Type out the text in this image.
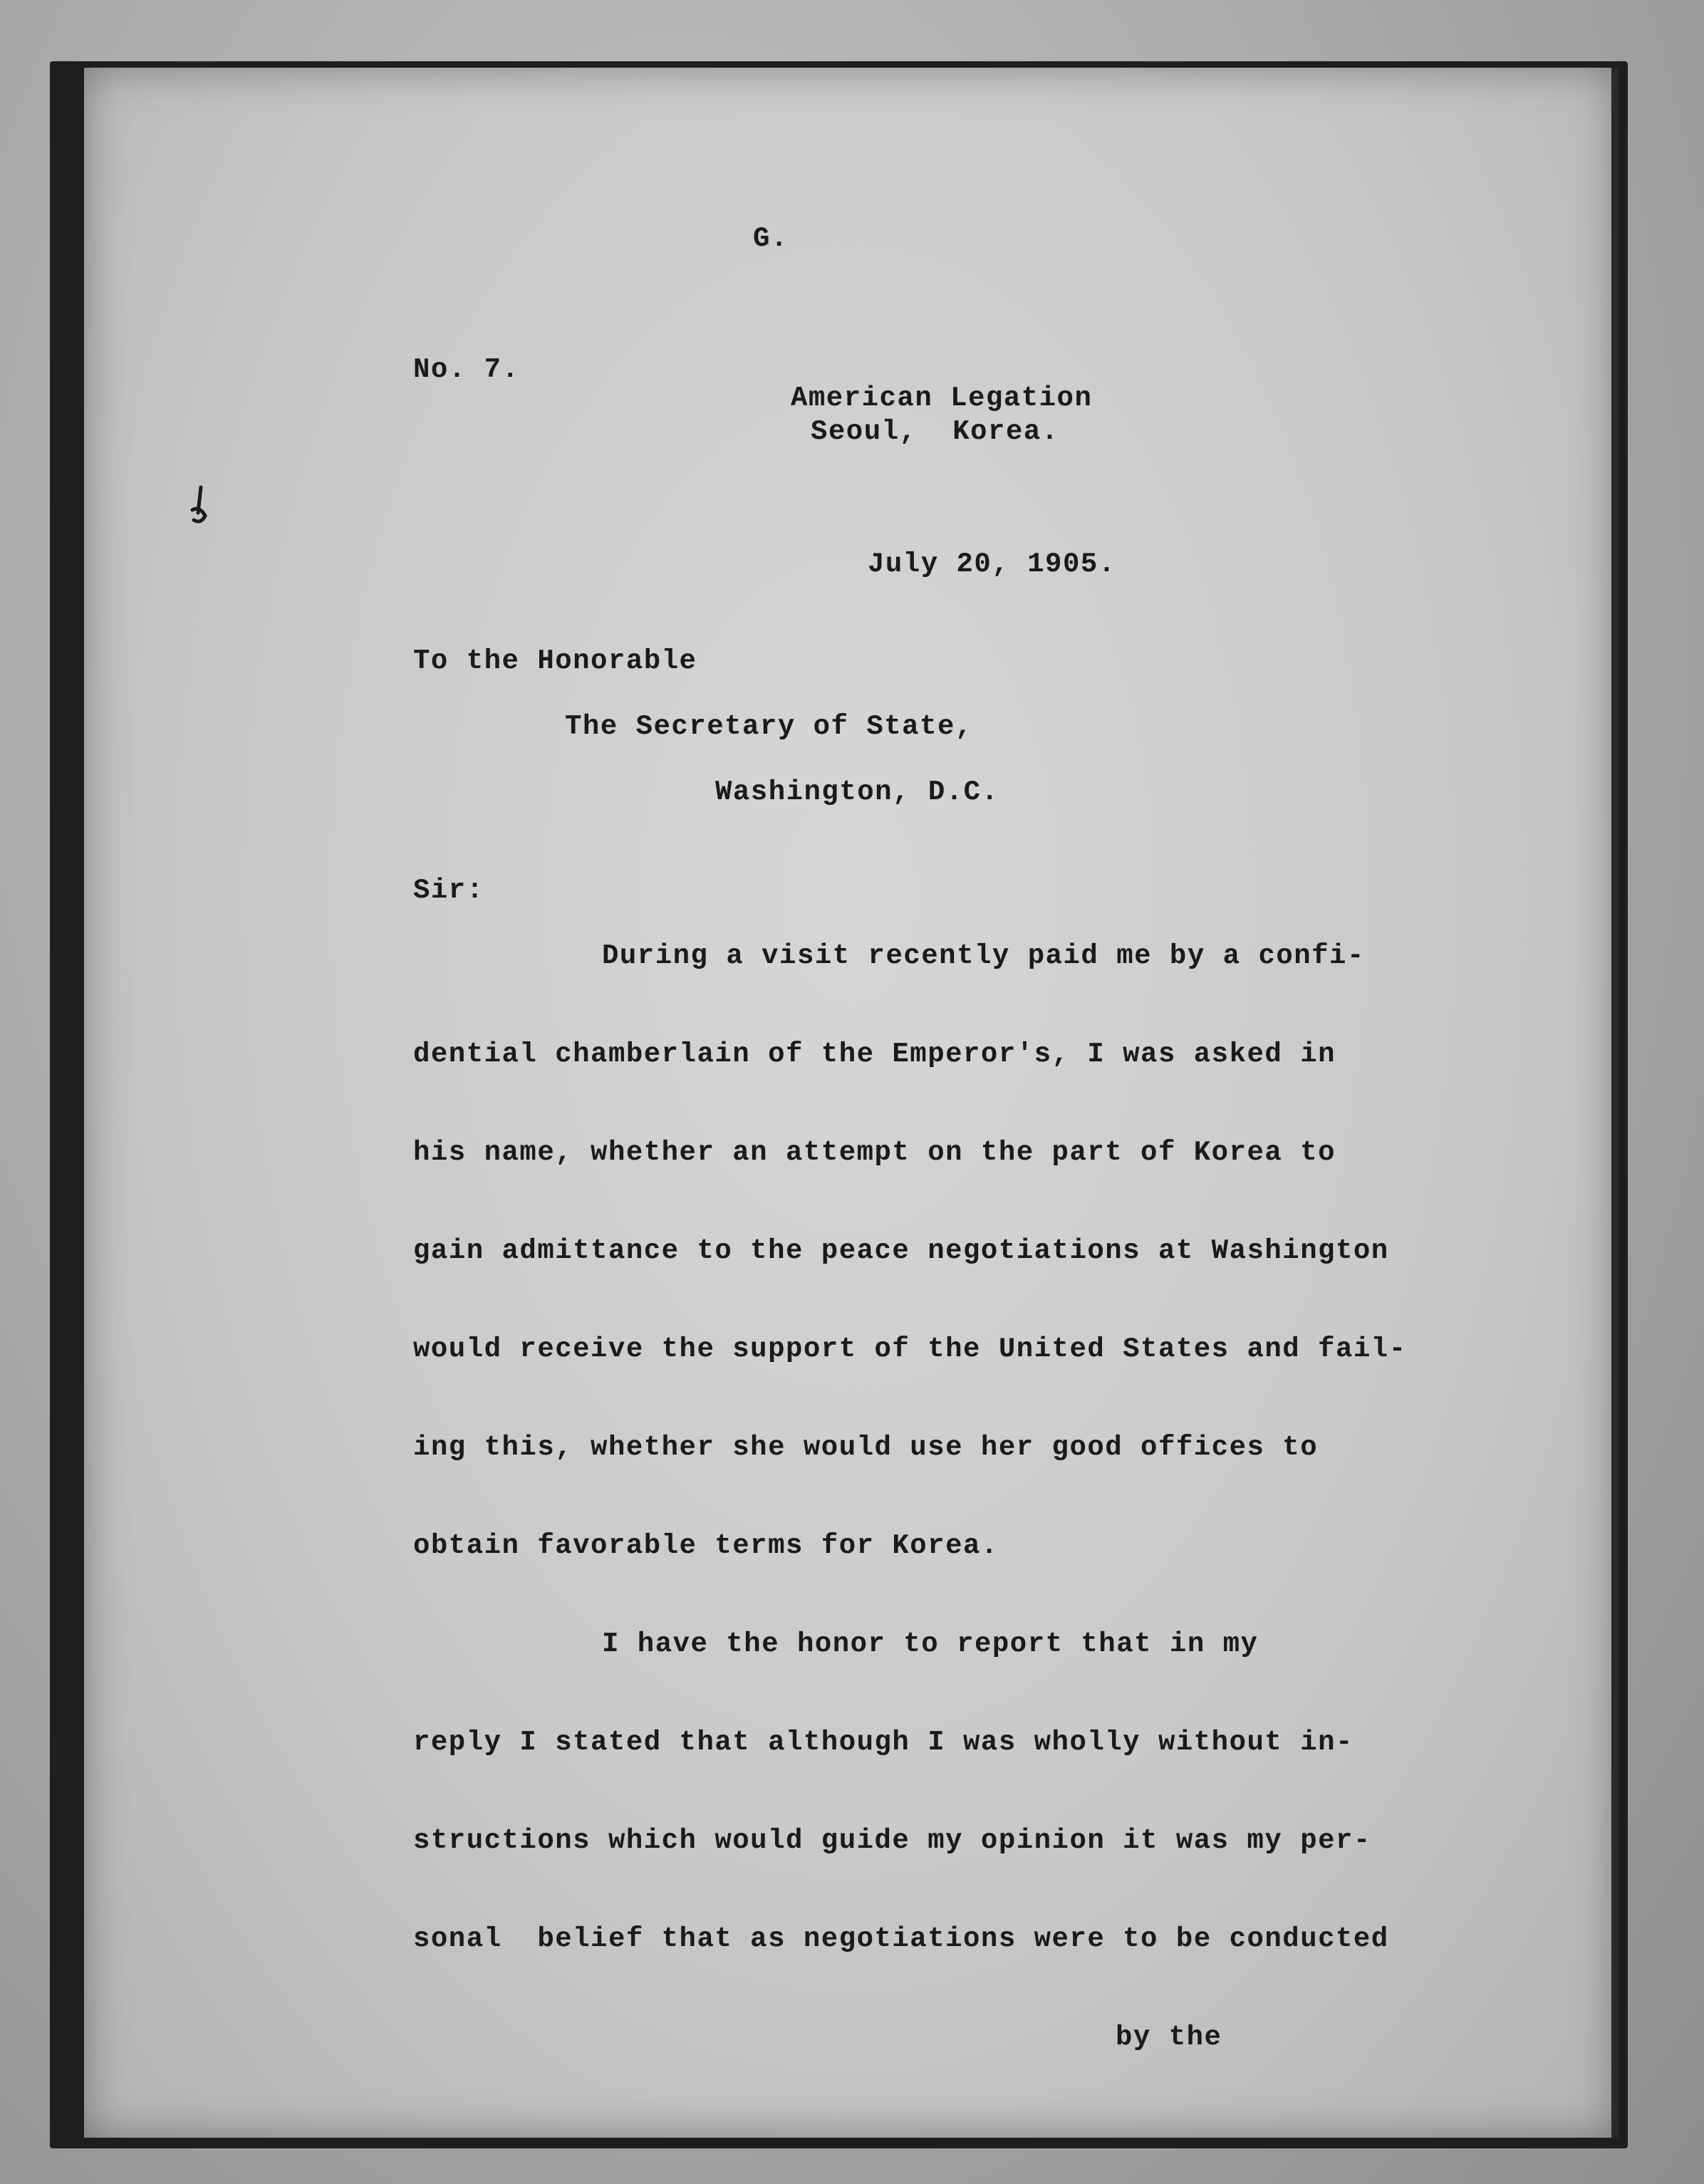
G.

No. 7.

American Legation

Seoul,  Korea.

July 20, 1905.

To the Honorable

The Secretary of State,

Washington, D.C.

Sir:

During a visit recently paid me by a confi-

dential chamberlain of the Emperor's, I was asked in

his name, whether an attempt on the part of Korea to

gain admittance to the peace negotiations at Washington

would receive the support of the United States and fail-

ing this, whether she would use her good offices to

obtain favorable terms for Korea.

I have the honor to report that in my

reply I stated that although I was wholly without in-

structions which would guide my opinion it was my per-

sonal  belief that as negotiations were to be conducted

by the
